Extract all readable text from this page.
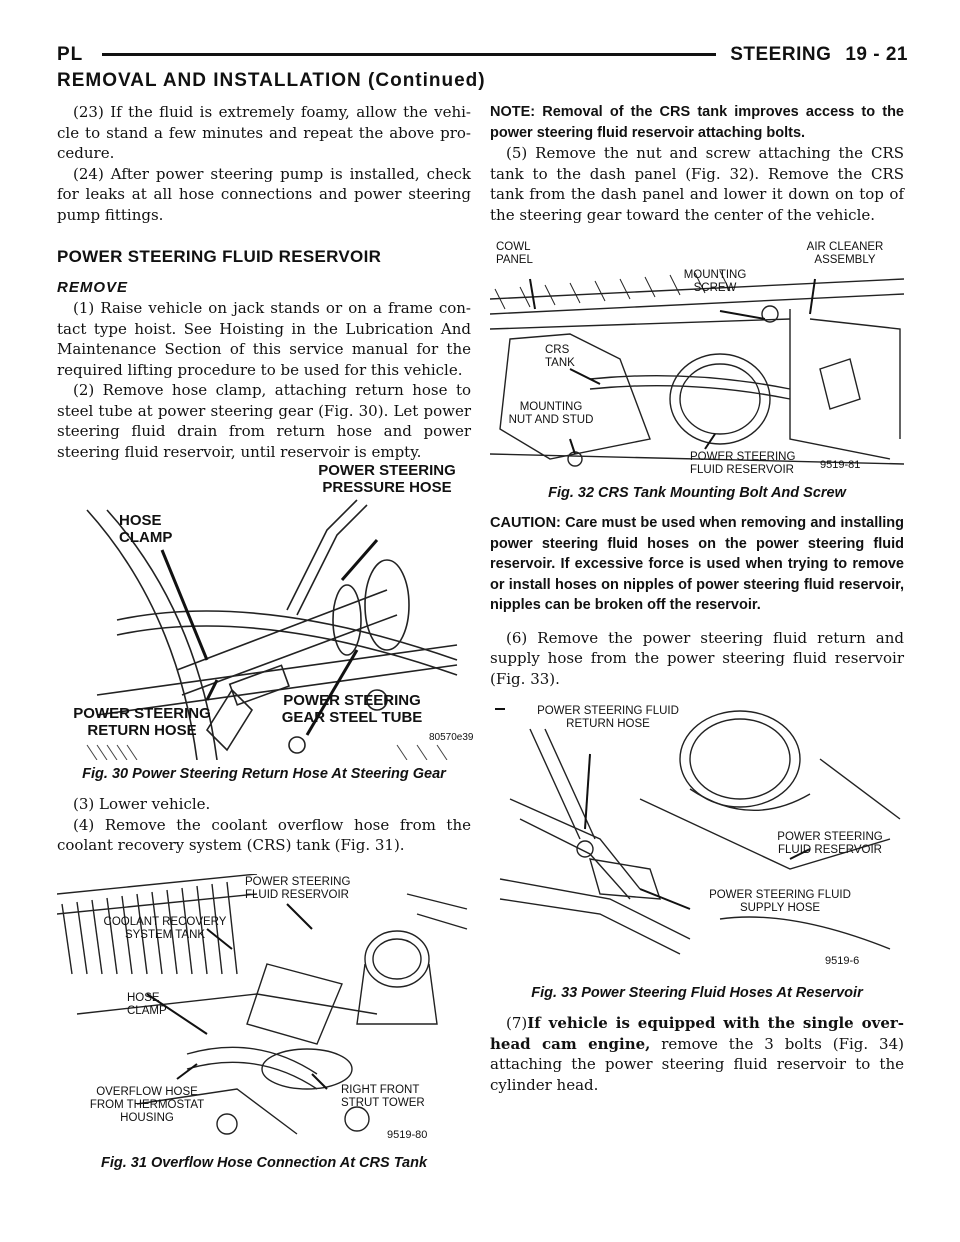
PL	STEERING 19 - 21
REMOVAL AND INSTALLATION (Continued)

(23) If the fluid is extremely foamy, allow the vehi- cle to stand a few minutes and repeat the above pro- cedure.

(24) After power steering pump is installed, check for leaks at all hose connections and power steering pump fittings.

POWER STEERING FLUID RESERVOIR
REMOVE

(1) Raise vehicle on jack stands or on a frame con- tact type hoist. See Hoisting in the Lubrication And Maintenance Section of this service manual for the required lifting procedure to be used for this vehicle.

(2) Remove hose clamp, attaching return hose to steel tube at power steering gear (Fig. 30). Let power steering fluid drain from return hose and power steering fluid reservoir, until reservoir is empty.

POWER STEERING
PRESSURE HOSE
HOSE
CLAMP
POWER STEERING
RETURN HOSE
POWER STEERING
GEAR STEEL TUBE
80570e39
Fig. 30 Power Steering Return Hose At Steering Gear

(3) Lower vehicle.

(4) Remove the coolant overflow hose from the coolant recovery system (CRS) tank (Fig. 31).

POWER STEERING
FLUID RESERVOIR
COOLANT RECOVERY
SYSTEM TANK
HOSE
CLAMP
OVERFLOW HOSE
FROM THERMOSTAT
HOUSING
RIGHT FRONT
STRUT TOWER
9519-80
Fig. 31 Overflow Hose Connection At CRS Tank

NOTE: Removal of the CRS tank improves access to the power steering fluid reservoir attaching bolts.

(5) Remove the nut and screw attaching the CRS tank to the dash panel (Fig. 32). Remove the CRS tank from the dash panel and lower it down on top of the steering gear toward the center of the vehicle.

COWL
PANEL
AIR CLEANER
ASSEMBLY
MOUNTING
SCREW
CRS
TANK
MOUNTING
NUT AND STUD
POWER STEERING
FLUID RESERVOIR 9519-81
Fig. 32 CRS Tank Mounting Bolt And Screw

CAUTION: Care must be used when removing and installing power steering fluid hoses on the power steering fluid reservoir. If excessive force is used when trying to remove or install hoses on nipples of power steering fluid reservoir, nipples can be broken off the reservoir.

(6) Remove the power steering fluid return and supply hose from the power steering fluid reservoir (Fig. 33).

POWER STEERING FLUID
RETURN HOSE
POWER STEERING
FLUID RESERVOIR
POWER STEERING FLUID
SUPPLY HOSE
9519-6
Fig. 33 Power Steering Fluid Hoses At Reservoir

(7)If vehicle is equipped with the single over- head cam engine, remove the 3 bolts (Fig. 34) attaching the power steering fluid reservoir to the cylinder head.
